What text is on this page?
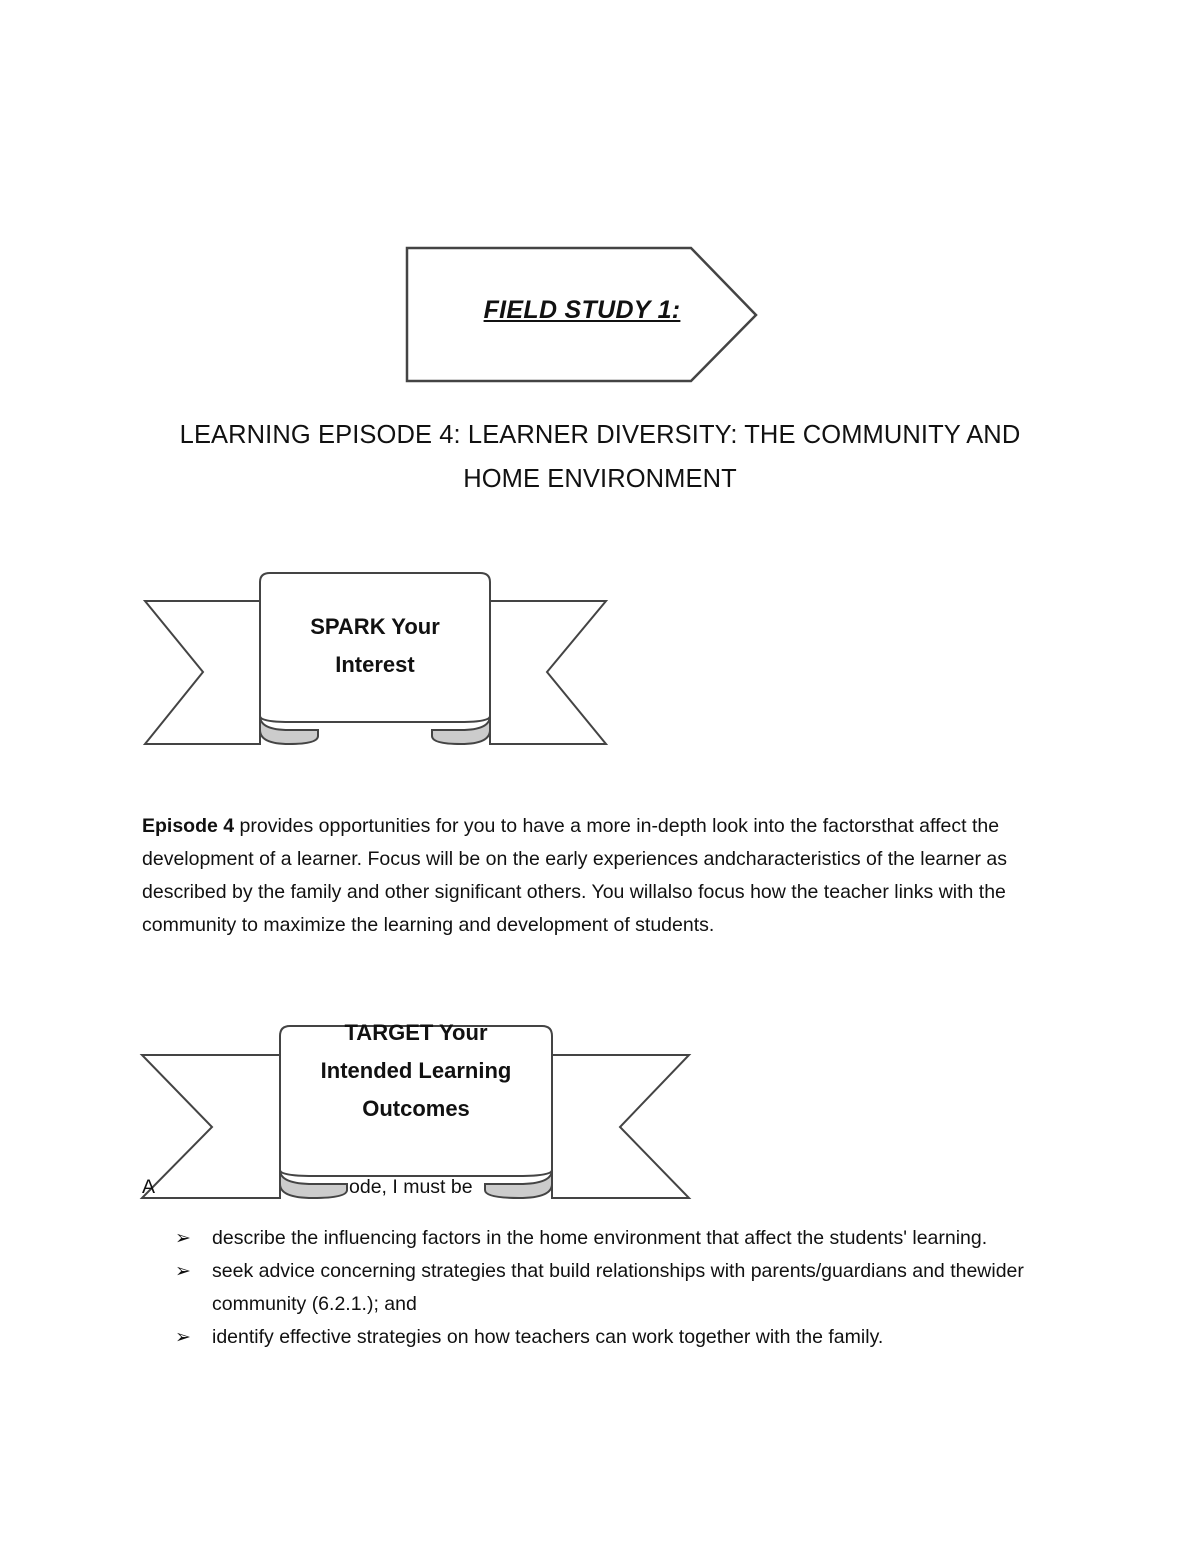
FIELD STUDY 1:
LEARNING EPISODE 4: LEARNER DIVERSITY: THE COMMUNITY AND
HOME ENVIRONMENT
SPARK Your
Interest
Episode 4 provides opportunities for you to have a more in-depth look into the factorsthat affect the development of a learner. Focus will be on the early experiences andcharacteristics of the learner as described by the family and other significant others. You willalso focus how the teacher links with the community to maximize the learning and development of students.
A	ode, I must be
TARGET Your
Intended Learning
Outcomes
➢ describe the influencing factors in the home environment that affect the students' learning.
➢ seek advice concerning strategies that build relationships with parents/guardians and thewider community (6.2.1.); and
➢ identify effective strategies on how teachers can work together with the family.
